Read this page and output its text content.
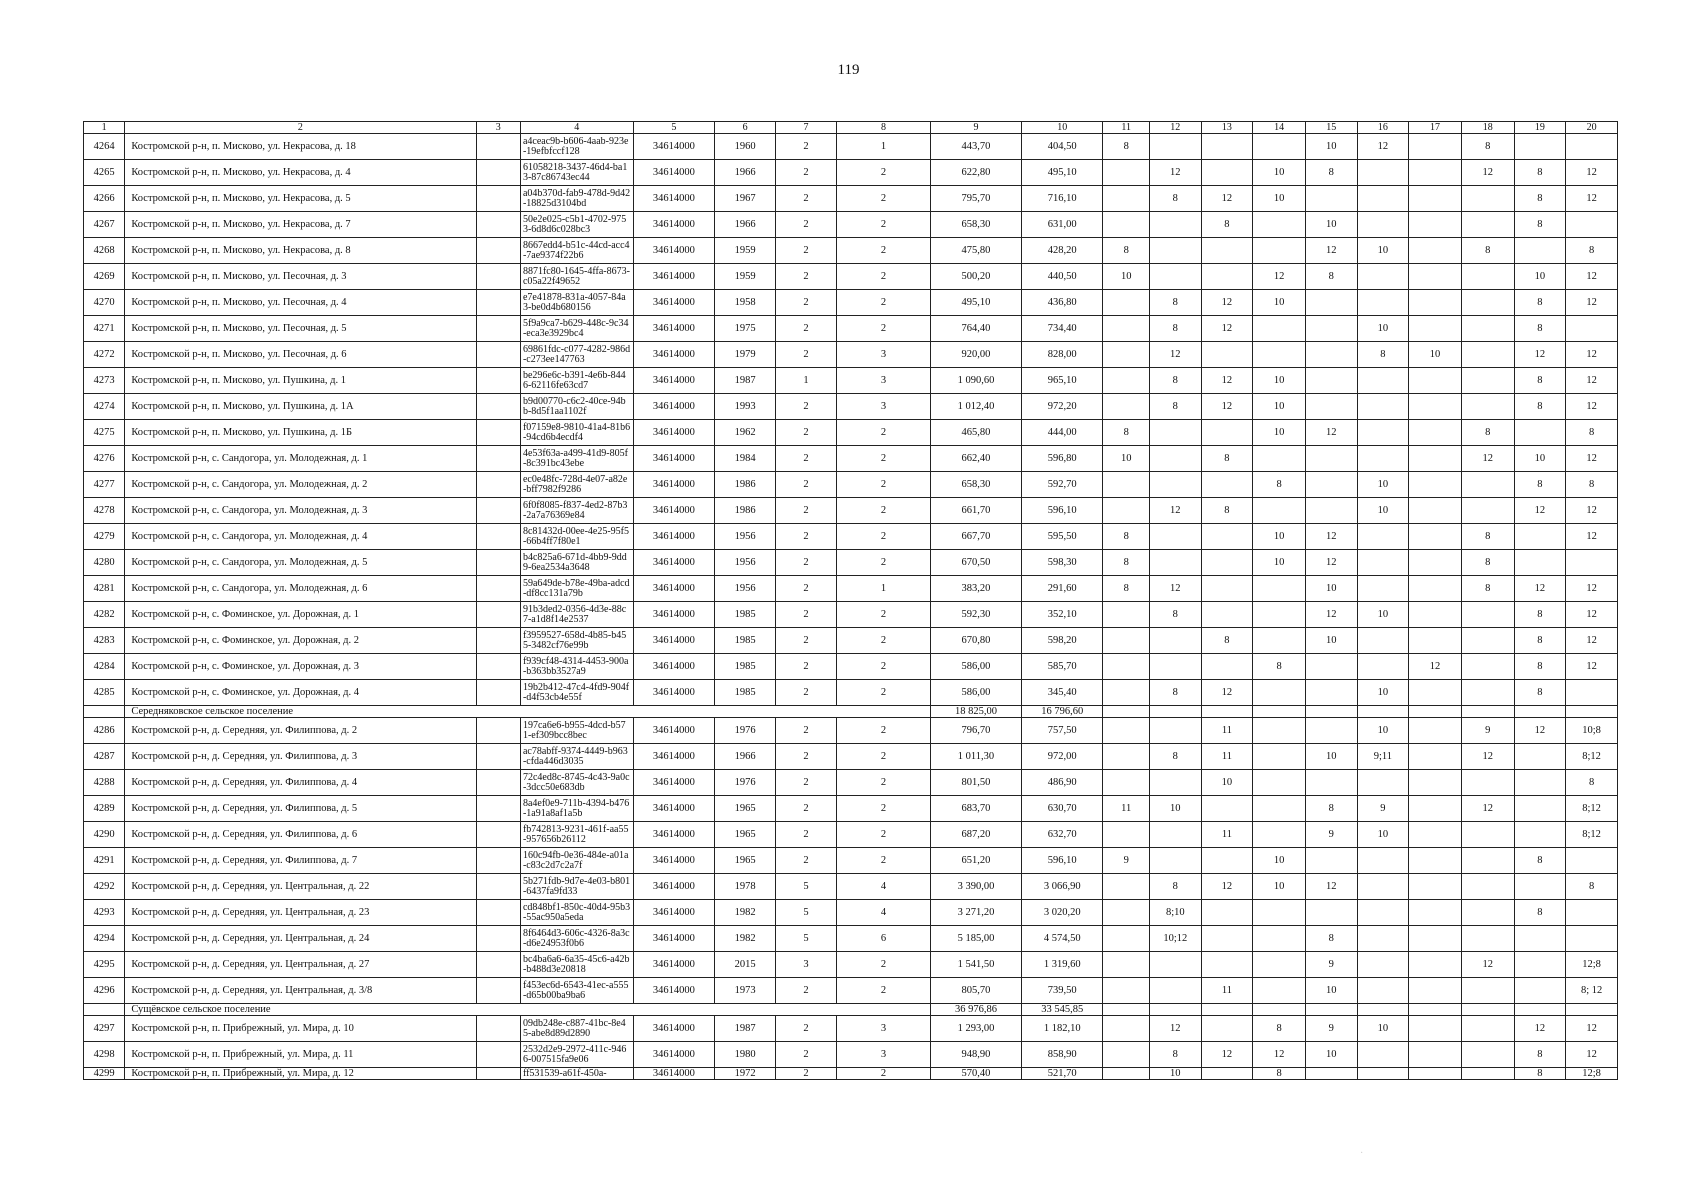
119
1	2	3	4	5	6	7	8	9	10	11	12	13	14	15	16	17	18	19	20
4264	Костромской р-н, п. Мисково, ул. Некрасова, д. 18		a4ceac9b-b606-4aab-923e-19efbfccf128	34614000	1960	2	1	443,70	404,50	8				10	12		8		
4265	Костромской р-н, п. Мисково, ул. Некрасова, д. 4		61058218-3437-46d4-ba13-87c86743ec44	34614000	1966	2	2	622,80	495,10		12		10	8			12	8	12
4266	Костромской р-н, п. Мисково, ул. Некрасова, д. 5		a04b370d-fab9-478d-9d42-18825d3104bd	34614000	1967	2	2	795,70	716,10		8	12	10					8	12
4267	Костромской р-н, п. Мисково, ул. Некрасова, д. 7		50e2e025-c5b1-4702-9753-6d8d6c028bc3	34614000	1966	2	2	658,30	631,00			8		10				8	
4268	Костромской р-н, п. Мисково, ул. Некрасова, д. 8		8667edd4-b51c-44cd-acc4-7ae9374f22b6	34614000	1959	2	2	475,80	428,20	8				12	10		8		8
4269	Костромской р-н, п. Мисково, ул. Песочная, д. 3		8871fc80-1645-4ffa-8673-c05a22f49652	34614000	1959	2	2	500,20	440,50	10			12	8				10	12
4270	Костромской р-н, п. Мисково, ул. Песочная, д. 4		e7e41878-831a-4057-84a3-be0d4b680156	34614000	1958	2	2	495,10	436,80		8	12	10					8	12
4271	Костромской р-н, п. Мисково, ул. Песочная, д. 5		5f9a9ca7-b629-448c-9c34-eca3e3929bc4	34614000	1975	2	2	764,40	734,40		8	12			10			8	
4272	Костромской р-н, п. Мисково, ул. Песочная, д. 6		69861fdc-c077-4282-986d-c273ee147763	34614000	1979	2	3	920,00	828,00		12				8	10		12	12
4273	Костромской р-н, п. Мисково, ул. Пушкина, д. 1		be296e6c-b391-4e6b-8446-62116fe63cd7	34614000	1987	1	3	1 090,60	965,10		8	12	10					8	12
4274	Костромской р-н, п. Мисково, ул. Пушкина, д. 1А		b9d00770-c6c2-40ce-94bb-8d5f1aa1102f	34614000	1993	2	3	1 012,40	972,20		8	12	10					8	12
4275	Костромской р-н, п. Мисково, ул. Пушкина, д. 1Б		f07159e8-9810-41a4-81b6-94cd6b4ecdf4	34614000	1962	2	2	465,80	444,00	8			10	12			8		8
4276	Костромской р-н, с. Сандогора, ул. Молодежная, д. 1		4e53f63a-a499-41d9-805f-8c391bc43ebe	34614000	1984	2	2	662,40	596,80	10		8					12	10	12
4277	Костромской р-н, с. Сандогора, ул. Молодежная, д. 2		ec0e48fc-728d-4e07-a82e-bff7982f9286	34614000	1986	2	2	658,30	592,70				8		10			8	8
4278	Костромской р-н, с. Сандогора, ул. Молодежная, д. 3		6f0f8085-f837-4ed2-87b3-2a7a76369e84	34614000	1986	2	2	661,70	596,10		12	8			10			12	12
4279	Костромской р-н, с. Сандогора, ул. Молодежная, д. 4		8c81432d-00ee-4e25-95f5-66b4ff7f80e1	34614000	1956	2	2	667,70	595,50	8			10	12			8		12
4280	Костромской р-н, с. Сандогора, ул. Молодежная, д. 5		b4c825a6-671d-4bb9-9dd9-6ea2534a3648	34614000	1956	2	2	670,50	598,30	8			10	12			8		
4281	Костромской р-н, с. Сандогора, ул. Молодежная, д. 6		59a649de-b78e-49ba-adcd-df8cc131a79b	34614000	1956	2	1	383,20	291,60	8	12			10			8	12	12
4282	Костромской р-н, с. Фоминское, ул. Дорожная, д. 1		91b3ded2-0356-4d3e-88c7-a1d8f14e2537	34614000	1985	2	2	592,30	352,10		8			12	10			8	12
4283	Костромской р-н, с. Фоминское, ул. Дорожная, д. 2		f3959527-658d-4b85-b455-3482cf76e99b	34614000	1985	2	2	670,80	598,20			8		10				8	12
4284	Костромской р-н, с. Фоминское, ул. Дорожная, д. 3		f939cf48-4314-4453-900a-b363bb3527a9	34614000	1985	2	2	586,00	585,70				8			12		8	12
4285	Костромской р-н, с. Фоминское, ул. Дорожная, д. 4		19b2b412-47c4-4fd9-904f-d4f53cb4e55f	34614000	1985	2	2	586,00	345,40		8	12			10			8	
	Середняковское сельское поселение							18 825,00	16 796,60										
4286	Костромской р-н, д. Середняя, ул. Филиппова, д. 2		197ca6e6-b955-4dcd-b571-ef309bcc8bec	34614000	1976	2	2	796,70	757,50			11			10		9	12	10;8
4287	Костромской р-н, д. Середняя, ул. Филиппова, д. 3		ac78abff-9374-4449-b963-cfda446d3035	34614000	1966	2	2	1 011,30	972,00		8	11		10	9;11		12		8;12
4288	Костромской р-н, д. Середняя, ул. Филиппова, д. 4		72c4ed8c-8745-4c43-9a0c-3dcc50e683db	34614000	1976	2	2	801,50	486,90			10							8
4289	Костромской р-н, д. Середняя, ул. Филиппова, д. 5		8a4ef0e9-711b-4394-b476-1a91a8af1a5b	34614000	1965	2	2	683,70	630,70	11	10			8	9		12		8;12
4290	Костромской р-н, д. Середняя, ул. Филиппова, д. 6		fb742813-9231-461f-aa55-957656b26112	34614000	1965	2	2	687,20	632,70			11		9	10				8;12
4291	Костромской р-н, д. Середняя, ул. Филиппова, д. 7		160c94fb-0e36-484e-a01a-c83c2d7c2a7f	34614000	1965	2	2	651,20	596,10	9			10					8	
4292	Костромской р-н, д. Середняя, ул. Центральная, д. 22		5b271fdb-9d7e-4e03-b801-6437fa9fd33	34614000	1978	5	4	3 390,00	3 066,90		8	12	10	12					8
4293	Костромской р-н, д. Середняя, ул. Центральная, д. 23		cd848bf1-850c-40d4-95b3-55ac950a5eda	34614000	1982	5	4	3 271,20	3 020,20		8;10							8	
4294	Костромской р-н, д. Середняя, ул. Центральная, д. 24		8f6464d3-606c-4326-8a3c-d6e24953f0b6	34614000	1982	5	6	5 185,00	4 574,50		10;12			8					
4295	Костромской р-н, д. Середняя, ул. Центральная, д. 27		bc4ba6a6-6a35-45c6-a42b-b488d3e20818	34614000	2015	3	2	1 541,50	1 319,60					9			12		12;8
4296	Костромской р-н, д. Середняя, ул. Центральная, д. 3/8		f453ec6d-6543-41ec-a555-d65b00ba9ba6	34614000	1973	2	2	805,70	739,50			11		10					8; 12
	Сущёвское сельское поселение							36 976,86	33 545,85										
4297	Костромской р-н, п. Прибрежный, ул. Мира, д. 10		09db248e-c887-41bc-8e45-abe8d89d2890	34614000	1987	2	3	1 293,00	1 182,10		12		8	9	10			12	12
4298	Костромской р-н, п. Прибрежный, ул. Мира, д. 11		2532d2e9-2972-411c-9466-007515fa9e06	34614000	1980	2	3	948,90	858,90		8	12	12	10				8	12
4299	Костромской р-н, п. Прибрежный, ул. Мира, д. 12		ff531539-a61f-450a-	34614000	1972	2	2	570,40	521,70		10		8					8	12;8
·
